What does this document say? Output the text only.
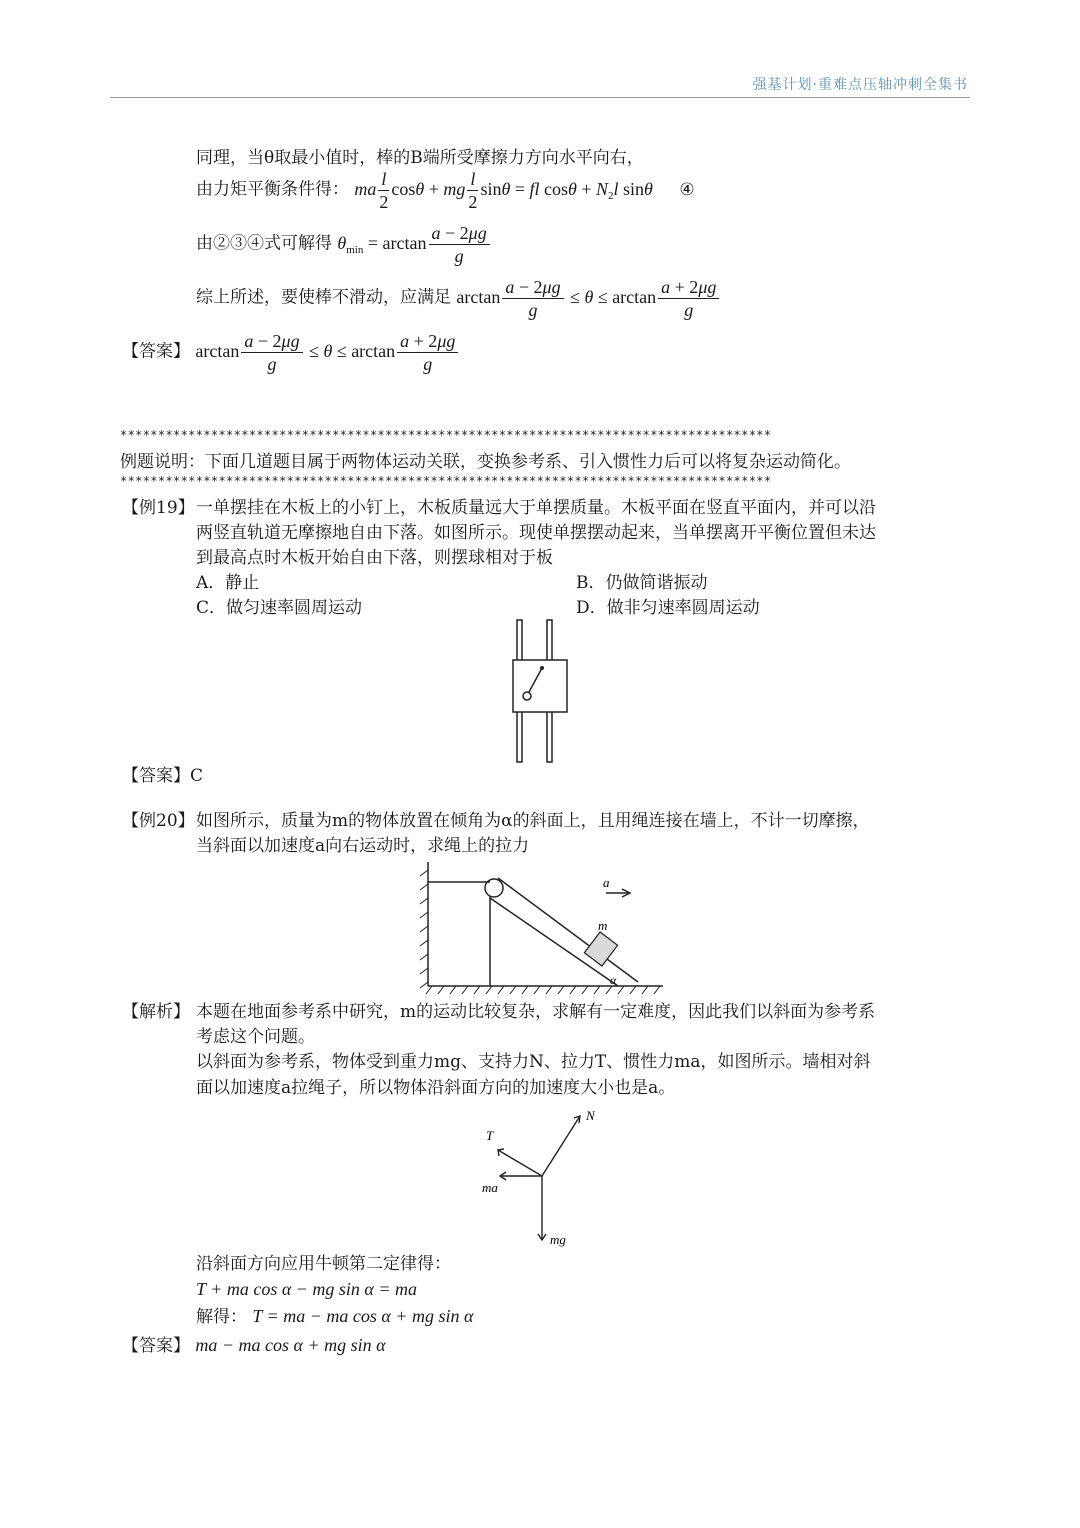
强基计划·重难点压轴冲刺全集书
同理，当θ取最小值时，棒的B端所受摩擦力方向水平向右，
由力矩平衡条件得： ma $\frac{l}{2}$ cosθ + mg $\frac{l}{2}$ sinθ = fl $\cos\theta + N_2l$ sinθ ④
由②③④式可解得 $\theta_{min} = \arctan \frac{a - 2\mu g}{g}$
综上所述，要使棒不滑动，应满足 $\arctan \frac{a - 2\mu g}{g} \le \theta \le \arctan \frac{a + 2\mu g}{g}$
【答案】 $\arctan \frac{a - 2\mu g}{g} \le \theta \le \arctan \frac{a + 2\mu g}{g}$
**************************************************************************************
例题说明：下面几道题目属于两物体运动关联，变换参考系、引入惯性力后可以将复杂运动简化。
**************************************************************************************
【例19】 一单摆挂在木板上的小钉上，木板质量远大于单摆质量。木板平面在竖直平面内，并可以沿
两竖直轨道无摩擦地自由下落。如图所示。现使单摆摆动起来，当单摆离开平衡位置但未达
到最高点时木板开始自由下落，则摆球相对于板
A．静止	B．仍做简谐振动
C．做匀速率圆周运动	D．做非匀速率圆周运动
【答案】C
【例20】 如图所示，质量为m的物体放置在倾角为α的斜面上，且用绳连接在墙上，不计一切摩擦，
当斜面以加速度a向右运动时，求绳上的拉力
m
a
α
【解析】 本题在地面参考系中研究，m的运动比较复杂，求解有一定难度，因此我们以斜面为参考系
考虑这个问题。
以斜面为参考系，物体受到重力mg、支持力N、拉力T、惯性力ma，如图所示。墙相对斜
面以加速度a拉绳子，所以物体沿斜面方向的加速度大小也是a。
N
T
ma
mg
沿斜面方向应用牛顿第二定律得：
T + ma cos α − mg sin α = ma
解得： T = ma − ma cos α + mg sin α
【答案】 ma − ma cos α + mg sin α
